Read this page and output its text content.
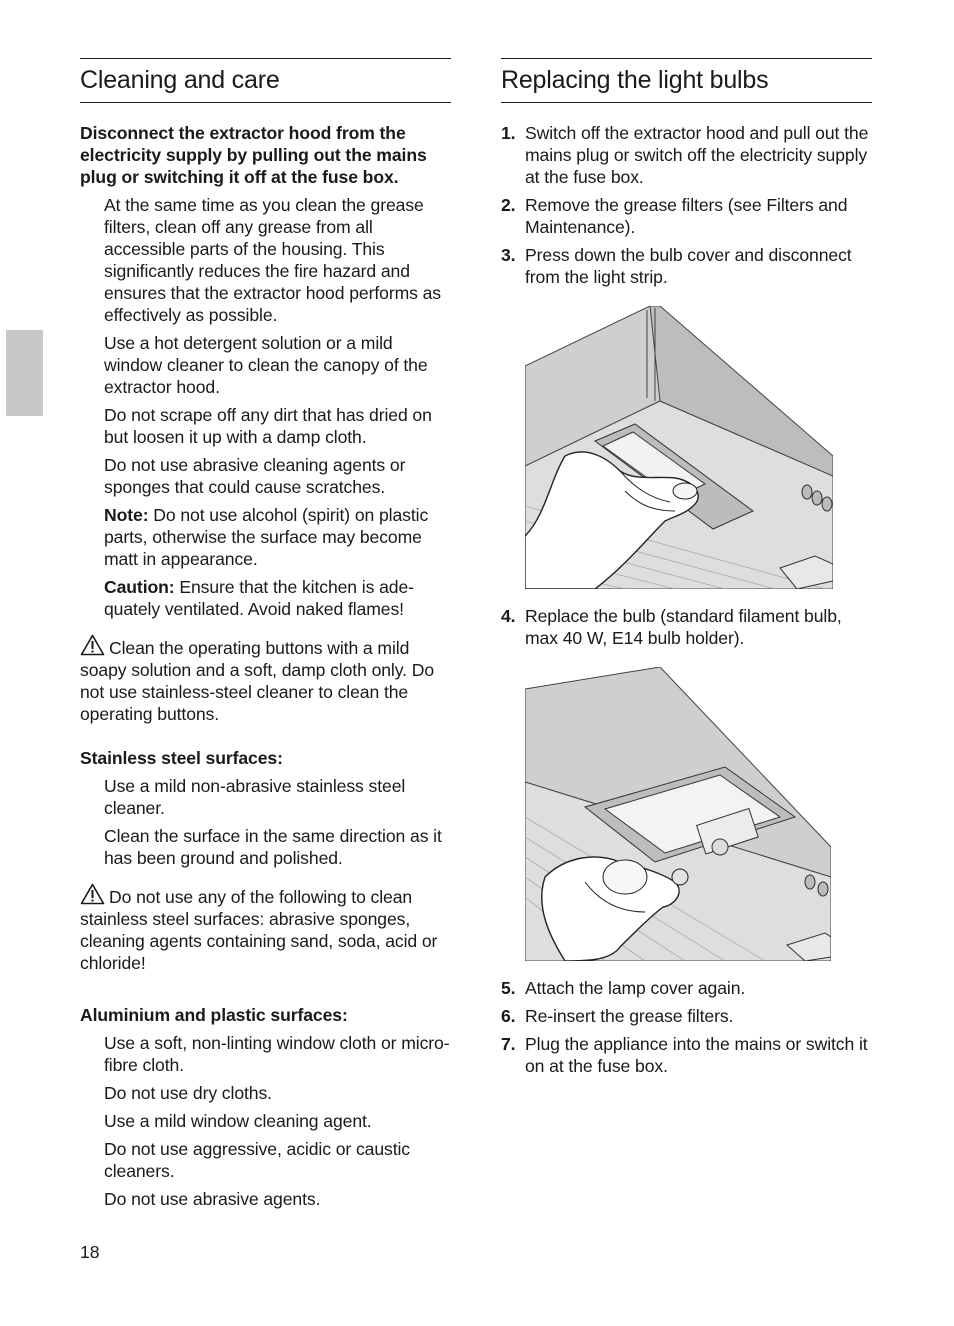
Cleaning and care

Disconnect the extractor hood from the electricity supply by pulling out the mains plug or switching it off at the fuse box.

At the same time as you clean the grease filters, clean off any grease from all accessible parts of the housing. This significantly reduces the fire hazard and ensures that the extractor hood performs as effectively as possible.

Use a hot detergent solution or a mild window cleaner to clean the canopy of the extractor hood.

Do not scrape off any dirt that has dried on but loosen it up with a damp cloth.

Do not use abrasive cleaning agents or sponges that could cause scratches.

Note: Do not use alcohol (spirit) on plastic parts, otherwise the surface may become matt in appearance.

Caution: Ensure that the kitchen is adequately ventilated. Avoid naked flames!

Clean the operating buttons with a mild soapy solution and a soft, damp cloth only. Do not use stainless-steel cleaner to clean the operating buttons.

Stainless steel surfaces:

Use a mild non-abrasive stainless steel cleaner.

Clean the surface in the same direction as it has been ground and polished.

Do not use any of the following to clean stainless steel surfaces: abrasive sponges, cleaning agents containing sand, soda, acid or chloride!

Aluminium and plastic surfaces:

Use a soft, non-linting window cloth or micro-fibre cloth.

Do not use dry cloths.

Use a mild window cleaning agent.

Do not use aggressive, acidic or caustic cleaners.

Do not use abrasive agents.

Replacing the light bulbs
1. Switch off the extractor hood and pull out the mains plug or switch off the electricity supply at the fuse box.
2. Remove the grease filters (see Filters and Maintenance).
3. Press down the bulb cover and disconnect from the light strip.
4. Replace the bulb (standard filament bulb, max 40 W, E14 bulb holder).
5. Attach the lamp cover again.
6. Re-insert the grease filters.
7. Plug the appliance into the mains or switch it on at the fuse box.
18
